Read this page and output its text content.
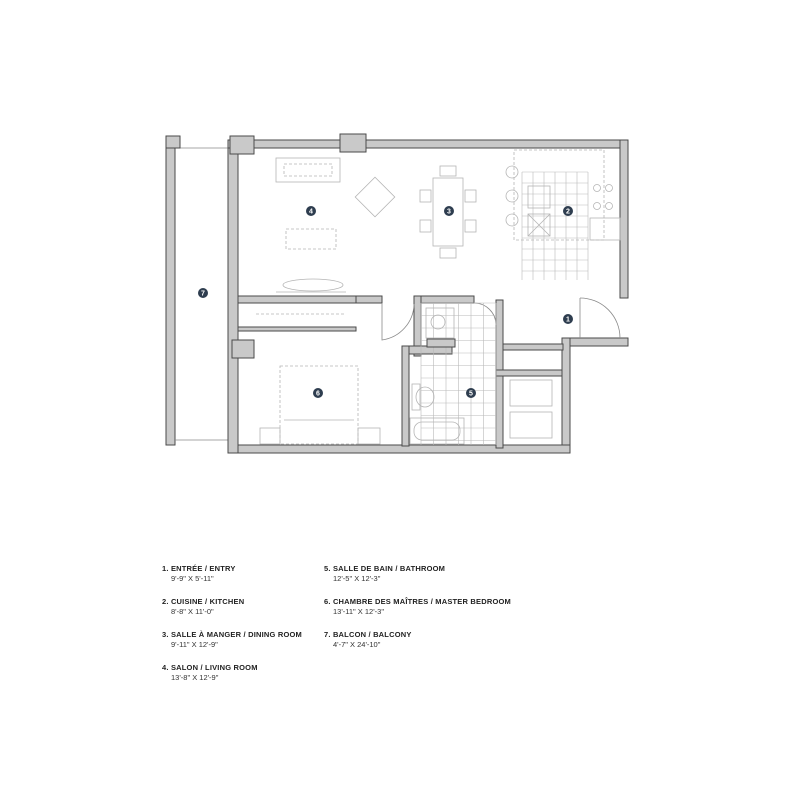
1
2
3
4
5
6
7
1. ENTRÉE / ENTRY
9'-9" X 5'-11"
2. CUISINE / KITCHEN
8'-8" X 11'-0"
3. SALLE À MANGER / DINING ROOM
9'-11" X 12'-9"
4. SALON / LIVING ROOM
13'-8" X 12'-9"
5. SALLE DE BAIN / BATHROOM
12'-5" X 12'-3"
6. CHAMBRE DES MAÎTRES / MASTER BEDROOM
13'-11" X 12'-3"
7. BALCON / BALCONY
4'-7" X 24'-10"
